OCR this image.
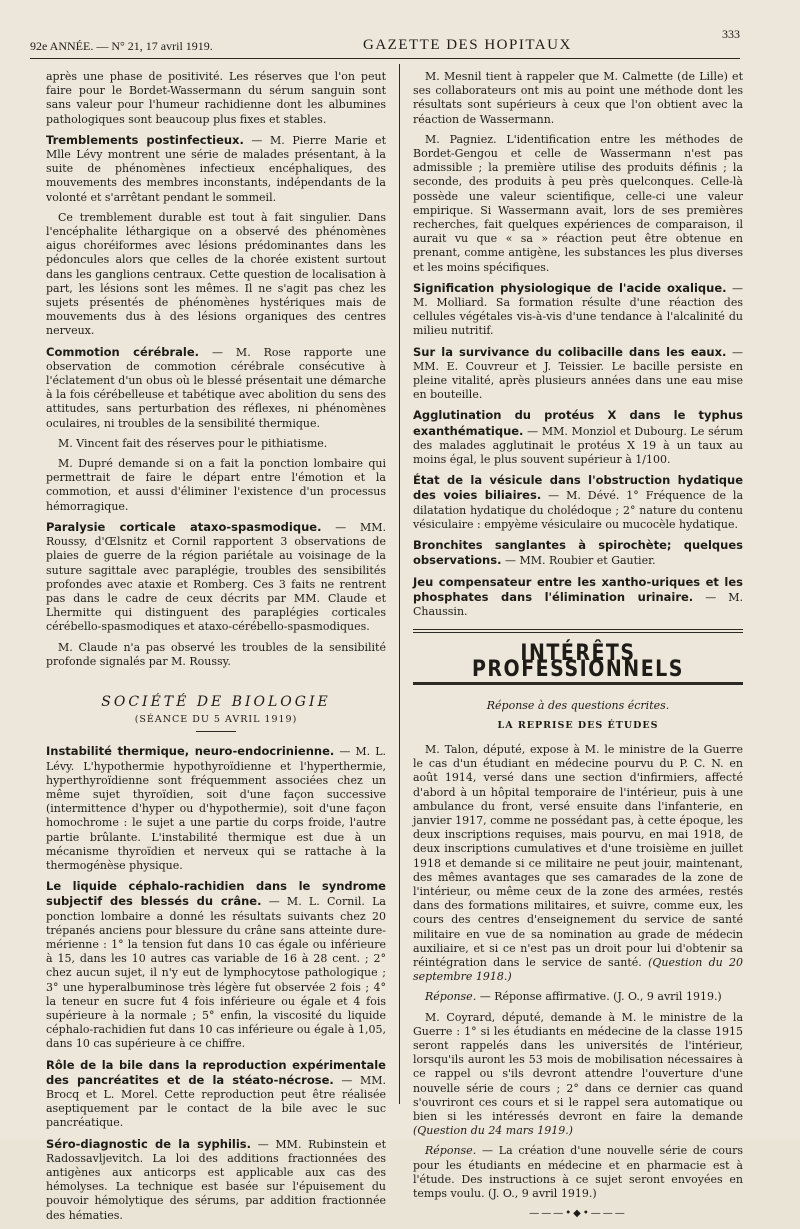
92e ANNÉE. — N° 21, 17 avril 1919.	GAZETTE DES HOPITAUX
333

après une phase de positivité. Les réserves que l'on peut faire pour le Bordet-Wassermann du sérum sanguin sont sans valeur pour l'humeur rachidienne dont les albumines pathologiques sont beaucoup plus fixes et stables.

Tremblements postinfectieux. — M. Pierre Marie et Mlle Lévy montrent une série de malades présentant, à la suite de phénomènes infectieux encéphaliques, des mouvements des membres inconstants, indépendants de la volonté et s'arrêtant pendant le sommeil.

Ce tremblement durable est tout à fait singulier. Dans l'encéphalite léthargique on a observé des phénomènes aigus choréiformes avec lésions prédominantes dans les pédoncules alors que celles de la chorée existent surtout dans les ganglions centraux. Cette question de localisation à part, les lésions sont les mêmes. Il ne s'agit pas chez les sujets présentés de phénomènes hystériques mais de mouvements dus à des lésions organiques des centres nerveux.

Commotion cérébrale. — M. Rose rapporte une observation de commotion cérébrale consécutive à l'éclatement d'un obus où le blessé présentait une démarche à la fois cérébelleuse et tabétique avec abolition du sens des attitudes, sans perturbation des réflexes, ni phénomènes oculaires, ni troubles de la sensibilité thermique.

M. Vincent fait des réserves pour le pithiatisme.

M. Dupré demande si on a fait la ponction lombaire qui permettrait de faire le départ entre l'émotion et la commotion, et aussi d'éliminer l'existence d'un processus hémorragique.

Paralysie corticale ataxo-spasmodique. — MM. Roussy, d'Œlsnitz et Cornil rapportent 3 observations de plaies de guerre de la région pariétale au voisinage de la suture sagittale avec paraplégie, troubles des sensibilités profondes avec ataxie et Romberg. Ces 3 faits ne rentrent pas dans le cadre de ceux décrits par MM. Claude et Lhermitte qui distinguent des paraplégies corticales cérébello-spasmodiques et ataxo-cérébello-spasmodiques.

M. Claude n'a pas observé les troubles de la sensibilité profonde signalés par M. Roussy.

SOCIÉTÉ DE BIOLOGIE
(SÉANCE DU 5 AVRIL 1919)

Instabilité thermique, neuro-endocrinienne. — M. L. Lévy. L'hypothermie hypothyroïdienne et l'hyperthermie, hyperthyroïdienne sont fréquemment associées chez un même sujet thyroïdien, soit d'une façon successive (intermittence d'hyper ou d'hypothermie), soit d'une façon homochrome : le sujet a une partie du corps froide, l'autre partie brûlante. L'instabilité thermique est due à un mécanisme thyroïdien et nerveux qui se rattache à la thermogénèse physique.

Le liquide céphalo-rachidien dans le syndrome subjectif des blessés du crâne. — M. L. Cornil. La ponction lombaire a donné les résultats suivants chez 20 trépanés anciens pour blessure du crâne sans atteinte dure-mérienne : 1° la tension fut dans 10 cas égale ou inférieure à 15, dans les 10 autres cas variable de 16 à 28 cent. ; 2° chez aucun sujet, il n'y eut de lymphocytose pathologique ; 3° une hyperalbuminose très légère fut observée 2 fois ; 4° la teneur en sucre fut 4 fois inférieure ou égale et 4 fois supérieure à la normale ; 5° enfin, la viscosité du liquide céphalo-rachidien fut dans 10 cas inférieure ou égale à 1,05, dans 10 cas supérieure à ce chiffre.

Rôle de la bile dans la reproduction expérimentale des pancréatites et de la stéato-nécrose. — MM. Brocq et L. Morel. Cette reproduction peut être réalisée aseptiquement par le contact de la bile avec le suc pancréatique.

Séro-diagnostic de la syphilis. — MM. Rubinstein et Radossavljevitch. La loi des additions fractionnées des antigènes aux anticorps est applicable aux cas des hémolyses. La technique est basée sur l'épuisement du pouvoir hémolytique des sérums, par addition fractionnée des hématies.

M. Mesnil tient à rappeler que M. Calmette (de Lille) et ses collaborateurs ont mis au point une méthode dont les résultats sont supérieurs à ceux que l'on obtient avec la réaction de Wassermann.

M. Pagniez. L'identification entre les méthodes de Bordet-Gengou et celle de Wassermann n'est pas admissible ; la première utilise des produits définis ; la seconde, des produits à peu près quelconques. Celle-là possède une valeur scientifique, celle-ci une valeur empirique. Si Wassermann avait, lors de ses premières recherches, fait quelques expériences de comparaison, il aurait vu que « sa » réaction peut être obtenue en prenant, comme antigène, les substances les plus diverses et les moins spécifiques.

Signification physiologique de l'acide oxalique. — M. Molliard. Sa formation résulte d'une réaction des cellules végétales vis-à-vis d'une tendance à l'alcalinité du milieu nutritif.

Sur la survivance du colibacille dans les eaux. — MM. E. Couvreur et J. Teissier. Le bacille persiste en pleine vitalité, après plusieurs années dans une eau mise en bouteille.

Agglutination du protéus X dans le typhus exanthématique. — MM. Monziol et Dubourg. Le sérum des malades agglutinait le protéus X 19 à un taux au moins égal, le plus souvent supérieur à 1/100.

État de la vésicule dans l'obstruction hydatique des voies biliaires. — M. Dévé. 1° Fréquence de la dilatation hydatique du cholédoque ; 2° nature du contenu vésiculaire : empyème vésiculaire ou mucocèle hydatique.

Bronchites sanglantes à spirochète; quelques observations. — MM. Roubier et Gautier.

Jeu compensateur entre les xantho-uriques et les phosphates dans l'élimination urinaire. — M. Chaussin.

INTÉRÊTS PROFESSIONNELS
Réponse à des questions écrites.
LA REPRISE DES ÉTUDES

M. Talon, député, expose à M. le ministre de la Guerre le cas d'un étudiant en médecine pourvu du P. C. N. en août 1914, versé dans une section d'infirmiers, affecté d'abord à un hôpital temporaire de l'intérieur, puis à une ambulance du front, versé ensuite dans l'infanterie, en janvier 1917, comme ne possédant pas, à cette époque, les deux inscriptions requises, mais pourvu, en mai 1918, de deux inscriptions cumulatives et d'une troisième en juillet 1918 et demande si ce militaire ne peut jouir, maintenant, des mêmes avantages que ses camarades de la zone de l'intérieur, ou même ceux de la zone des armées, restés dans des formations militaires, et suivre, comme eux, les cours des centres d'enseignement du service de santé militaire en vue de sa nomination au grade de médecin auxiliaire, et si ce n'est pas un droit pour lui d'obtenir sa réintégration dans le service de santé. (Question du 20 septembre 1918.)

Réponse. — Réponse affirmative. (J. O., 9 avril 1919.)

M. Coyrard, député, demande à M. le ministre de la Guerre : 1° si les étudiants en médecine de la classe 1915 seront rappelés dans les universités de l'intérieur, lorsqu'ils auront les 53 mois de mobilisation nécessaires à ce rappel ou s'ils devront attendre l'ouverture d'une nouvelle série de cours ; 2° dans ce dernier cas quand s'ouvriront ces cours et si le rappel sera automatique ou bien si les intéressés devront en faire la demande (Question du 24 mars 1919.)

Réponse. — La création d'une nouvelle série de cours pour les étudiants en médecine et en pharmacie est à l'étude. Des instructions à ce sujet seront envoyées en temps voulu. (J. O., 9 avril 1919.)

———•◆•———
